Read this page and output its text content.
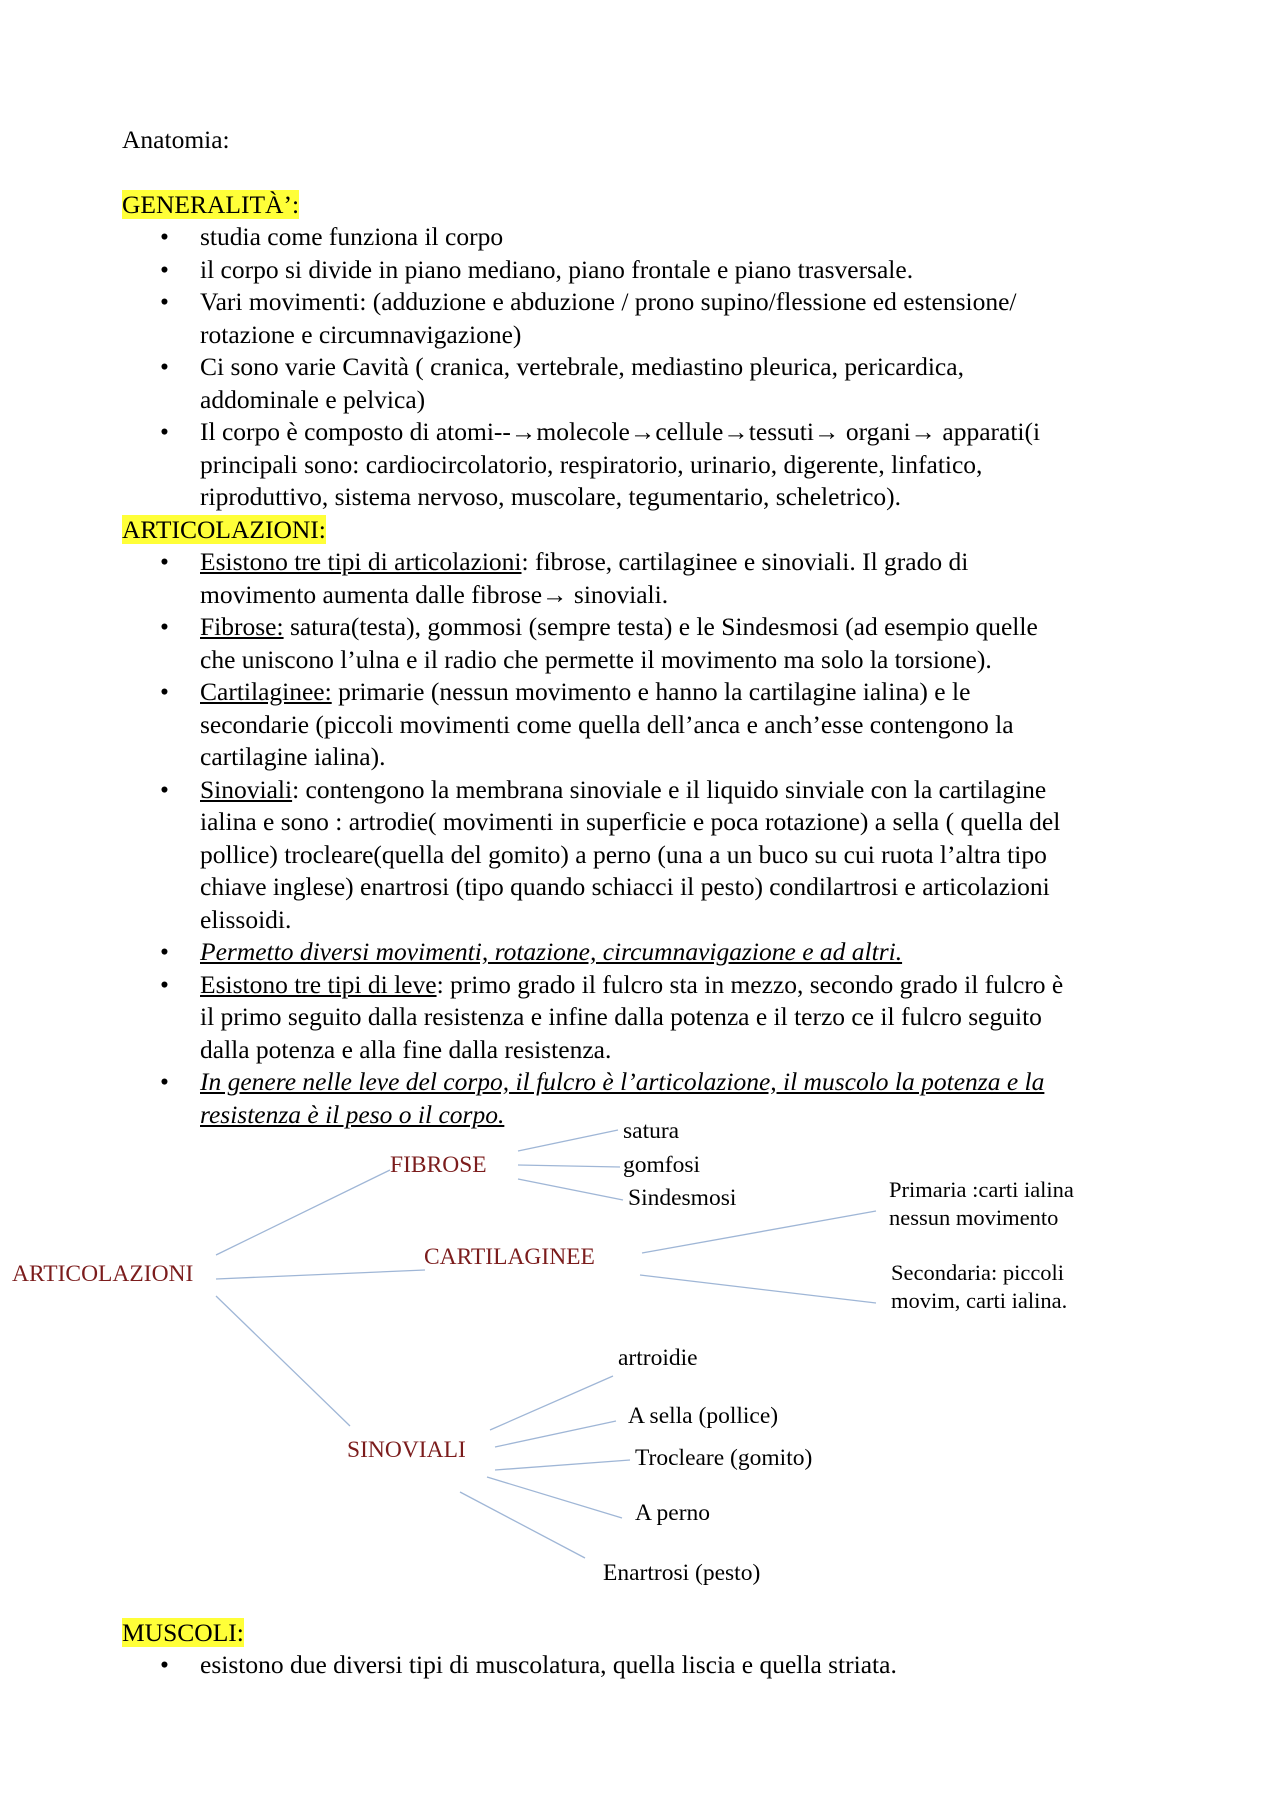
Anatomia:
GENERALITÀ’:
• studia come funziona il corpo
• il corpo si divide in piano mediano, piano frontale e piano trasversale.
• Vari movimenti: (adduzione e abduzione / prono supino/flessione ed estensione/
rotazione e circumnavigazione)
• Ci sono varie Cavità ( cranica, vertebrale, mediastino pleurica, pericardica,
addominale e pelvica)
• Il corpo è composto di atomi--→molecole→cellule→tessuti→ organi→ apparati(i
principali sono: cardiocircolatorio, respiratorio, urinario, digerente, linfatico,
riproduttivo, sistema nervoso, muscolare, tegumentario, scheletrico).
ARTICOLAZIONI:
• Esistono tre tipi di articolazioni: fibrose, cartilaginee e sinoviali. Il grado di
movimento aumenta dalle fibrose→ sinoviali.
• Fibrose: satura(testa), gommosi (sempre testa) e le Sindesmosi (ad esempio quelle
che uniscono l’ulna e il radio che permette il movimento ma solo la torsione).
• Cartilaginee: primarie (nessun movimento e hanno la cartilagine ialina) e le
secondarie (piccoli movimenti come quella dell’anca e anch’esse contengono la
cartilagine ialina).
• Sinoviali: contengono la membrana sinoviale e il liquido sinviale con la cartilagine
ialina e sono : artrodie( movimenti in superficie e poca rotazione) a sella ( quella del
pollice) trocleare(quella del gomito) a perno (una a un buco su cui ruota l’altra tipo
chiave inglese) enartrosi (tipo quando schiacci il pesto) condilartrosi e articolazioni
elissoidi.
• Permetto diversi movimenti, rotazione, circumnavigazione e ad altri.
• Esistono tre tipi di leve: primo grado il fulcro sta in mezzo, secondo grado il fulcro è
il primo seguito dalla resistenza e infine dalla potenza e il terzo ce il fulcro seguito
dalla potenza e alla fine dalla resistenza.
• In genere nelle leve del corpo, il fulcro è l’articolazione, il muscolo la potenza e la
resistenza è il peso o il corpo.
ARTICOLAZIONI
FIBROSE
satura
gomfosi
Sindesmosi
CARTILAGINEE
Primaria :carti ialina
nessun movimento
Secondaria: piccoli
movim, carti ialina.
SINOVIALI
artroidie
A sella (pollice)
Trocleare (gomito)
A perno
Enartrosi (pesto)
MUSCOLI:
• esistono due diversi tipi di muscolatura, quella liscia e quella striata.
